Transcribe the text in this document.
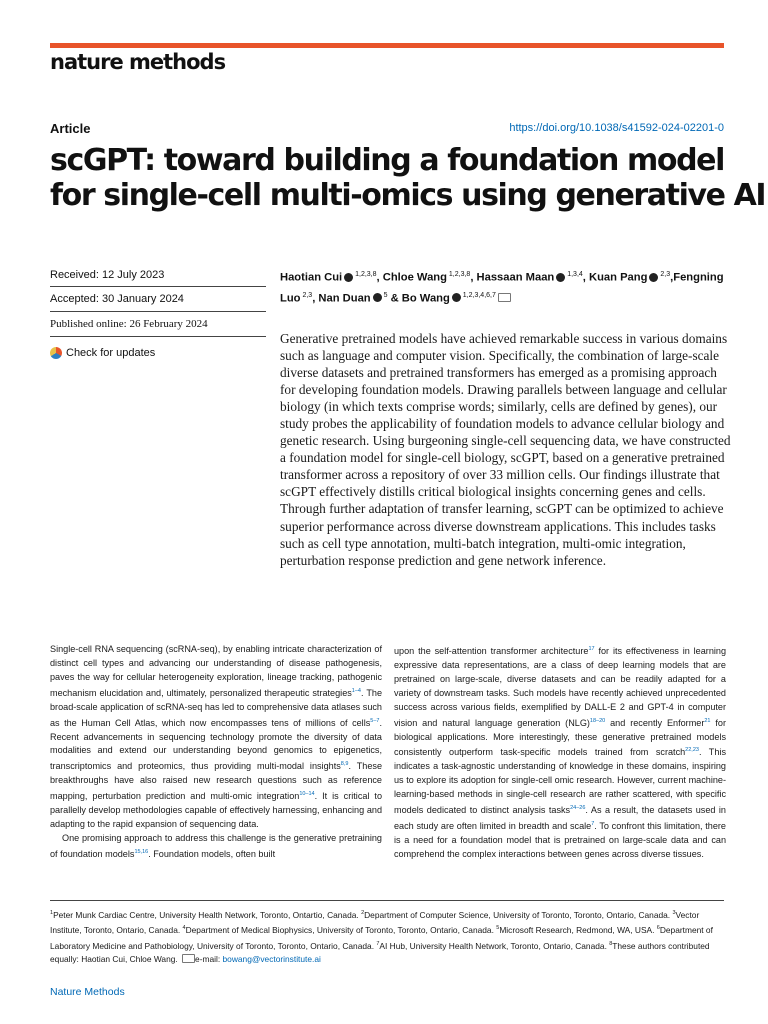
nature methods
Article	https://doi.org/10.1038/s41592-024-02201-0
scGPT: toward building a foundation model
for single-cell multi-omics using generative AI
Received: 12 July 2023
Accepted: 30 January 2024
Published online: 26 February 2024
Check for updates
Haotian Cui $^{1,2,3,8}$, Chloe Wang $^{1,2,3,8}$, Hassaan Maan $^{1,3,4}$, Kuan Pang $^{2,3}$,Fengning Luo $^{2,3}$, Nan Duan $^5$ & Bo Wang $^{1,2,3,4,6,7}$

Generative pretrained models have achieved remarkable success in various domains such as language and computer vision. Specifically, the combination of large-scale diverse datasets and pretrained transformers has emerged as a promising approach for developing foundation models. Drawing parallels between language and cellular biology (in which texts comprise words; similarly, cells are defined by genes), our study probes the applicability of foundation models to advance cellular biology and genetic research. Using burgeoning single-cell sequencing data, we have constructed a foundation model for single-cell biology, scGPT, based on a generative pretrained transformer across a repository of over 33 million cells. Our findings illustrate that scGPT effectively distills critical biological insights concerning genes and cells. Through further adaptation of transfer learning, scGPT can be optimized to achieve superior performance across diverse downstream applications. This includes tasks such as cell type annotation, multi-batch integration, multi-omic integration, perturbation response prediction and gene network inference.

Single-cell RNA sequencing (scRNA-seq), by enabling intricate characterization of distinct cell types and advancing our understanding of disease pathogenesis, paves the way for cellular heterogeneity exploration, lineage tracking, pathogenic mechanism elucidation and, ultimately, personalized therapeutic strategies$^{1-4}$. The broad-scale application of scRNA-seq has led to comprehensive data atlases such as the Human Cell Atlas, which now encompasses tens of millions of cells$^{5-7}$. Recent advancements in sequencing technology promote the diversity of data modalities and extend our understanding beyond genomics to epigenetics, transcriptomics and proteomics, thus providing multi-modal insights$^{8,9}$. These breakthroughs have also raised new research questions such as reference mapping, perturbation prediction and multi-omic integration$^{10-14}$. It is critical to parallelly develop methodologies capable of effectively harnessing, enhancing and adapting to the rapid expansion of sequencing data.

One promising approach to address this challenge is the generative pretraining of foundation models$^{15,16}$. Foundation models, often built

upon the self-attention transformer architecture$^{17}$ for its effectiveness in learning expressive data representations, are a class of deep learning models that are pretrained on large-scale, diverse datasets and can be readily adapted for a variety of downstream tasks. Such models have recently achieved unprecedented success across various fields, exemplified by DALL-E 2 and GPT-4 in computer vision and natural language generation (NLG)$^{18-20}$ and recently Enformer$^{21}$ for biological applications. More interestingly, these generative pretrained models consistently outperform task-specific models trained from scratch$^{22,23}$. This indicates a task-agnostic understanding of knowledge in these domains, inspiring us to explore its adoption for single-cell omic research. However, current machine-learning-based methods in single-cell research are rather scattered, with specific models dedicated to distinct analysis tasks$^{24-26}$. As a result, the datasets used in each study are often limited in breadth and scale$^7$. To confront this limitation, there is a need for a foundation model that is pretrained on large-scale data and can comprehend the complex interactions between genes across diverse tissues.

$^1$Peter Munk Cardiac Centre, University Health Network, Toronto, Ontartio, Canada. $^2$Department of Computer Science, University of Toronto, Toronto, Ontario, Canada. $^3$Vector Institute, Toronto, Ontario, Canada. $^4$Department of Medical Biophysics, University of Toronto, Toronto, Ontario, Canada. $^5$Microsoft Research, Redmond, WA, USA. $^6$Department of Laboratory Medicine and Pathobiology, University of Toronto, Toronto, Ontario, Canada. $^7$AI Hub, University Health Network, Toronto, Ontario, Canada. $^8$These authors contributed equally: Haotian Cui, Chloe Wang. e-mail: bowang@vectorinstitute.ai

Nature Methods
